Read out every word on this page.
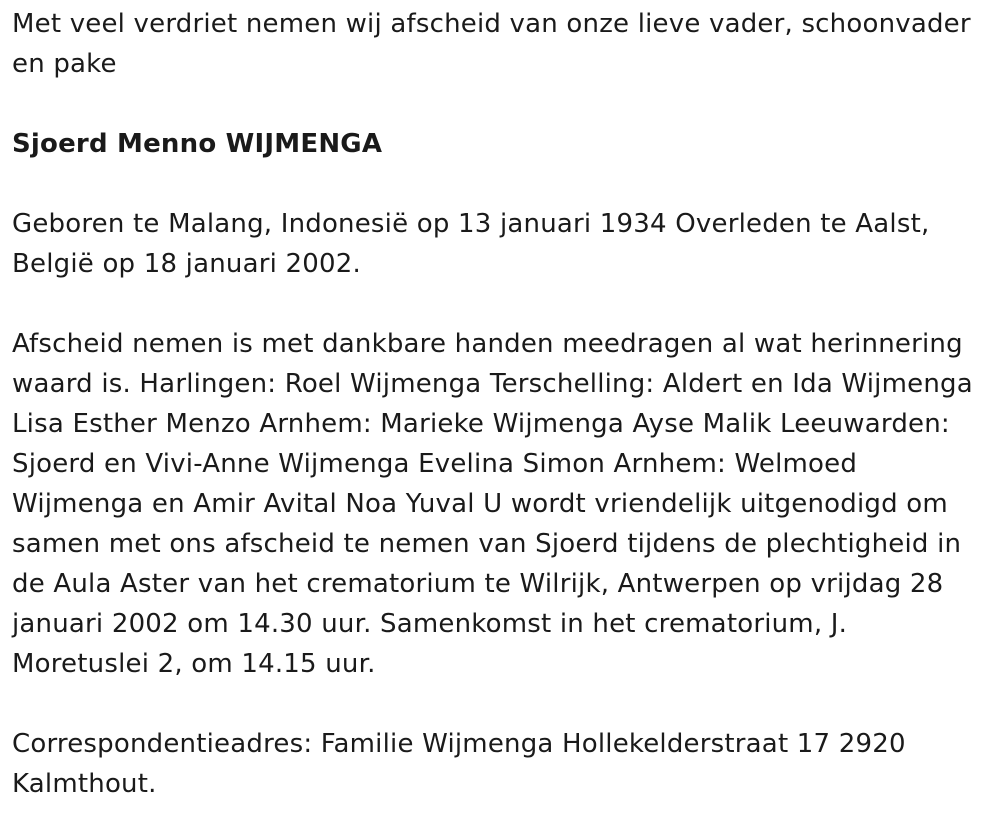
Met veel verdriet nemen wij afscheid van onze lieve vader, schoonvader en pake

Sjoerd Menno WIJMENGA

Geboren te Malang, Indonesië op 13 januari 1934 Overleden te Aalst, België op 18 januari 2002.

Afscheid nemen is met dankbare handen meedragen al wat herinnering waard is. Harlingen: Roel Wijmenga Terschelling: Aldert en Ida Wijmenga Lisa Esther Menzo Arnhem: Marieke Wijmenga Ayse Malik Leeuwarden: Sjoerd en Vivi-Anne Wijmenga Evelina Simon Arnhem: Welmoed Wijmenga en Amir Avital Noa Yuval U wordt vriendelijk uitgenodigd om samen met ons afscheid te nemen van Sjoerd tijdens de plechtigheid in de Aula Aster van het crematorium te Wilrijk, Antwerpen op vrijdag 28 januari 2002 om 14.30 uur. Samenkomst in het crematorium, J. Moretuslei 2, om 14.15 uur.

Correspondentieadres: Familie Wijmenga Hollekelderstraat 17 2920 Kalmthout.
